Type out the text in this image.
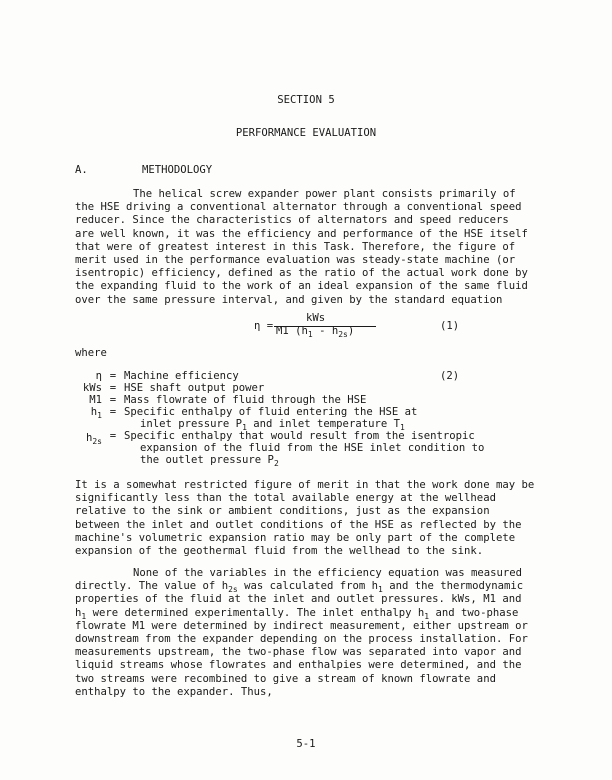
SECTION 5
PERFORMANCE EVALUATION
A.	METHODOLOGY
The helical screw expander power plant consists primarily of
the HSE driving a conventional alternator through a conventional speed
reducer. Since the characteristics of alternators and speed reducers
are well known, it was the efficiency and performance of the HSE itself
that were of greatest interest in this Task. Therefore, the figure of
merit used in the performance evaluation was steady-state machine (or
isentropic) efficiency, defined as the ratio of the actual work done by
the expanding fluid to the work of an ideal expansion of the same fluid
over the same pressure interval, and given by the standard equation
η =
kWs
M1 $(h_1 - h_{2s})$	(1)
where
η = Machine efficiency	(2)
kWs = HSE shaft output power
M1 = Mass flowrate of fluid through the HSE
$h_1$ = Specific enthalpy of fluid entering the HSE at
inlet pressure $P_1$ and inlet temperature $T_1$
$h_{2s}$ = Specific enthalpy that would result from the isentropic
expansion of the fluid from the HSE inlet condition to
the outlet pressure $P_2$
It is a somewhat restricted figure of merit in that the work done may be
significantly less than the total available energy at the wellhead
relative to the sink or ambient conditions, just as the expansion
between the inlet and outlet conditions of the HSE as reflected by the
machine's volumetric expansion ratio may be only part of the complete
expansion of the geothermal fluid from the wellhead to the sink.
None of the variables in the efficiency equation was measured
directly. The value of $h_{2s}$ was calculated from $h_1$ and the thermodynamic
properties of the fluid at the inlet and outlet pressures. kWs, M1 and
$h_1$ were determined experimentally. The inlet enthalpy $h_1$ and two-phase
flowrate M1 were determined by indirect measurement, either upstream or
downstream from the expander depending on the process installation. For
measurements upstream, the two-phase flow was separated into vapor and
liquid streams whose flowrates and enthalpies were determined, and the
two streams were recombined to give a stream of known flowrate and
enthalpy to the expander. Thus,
5-1
